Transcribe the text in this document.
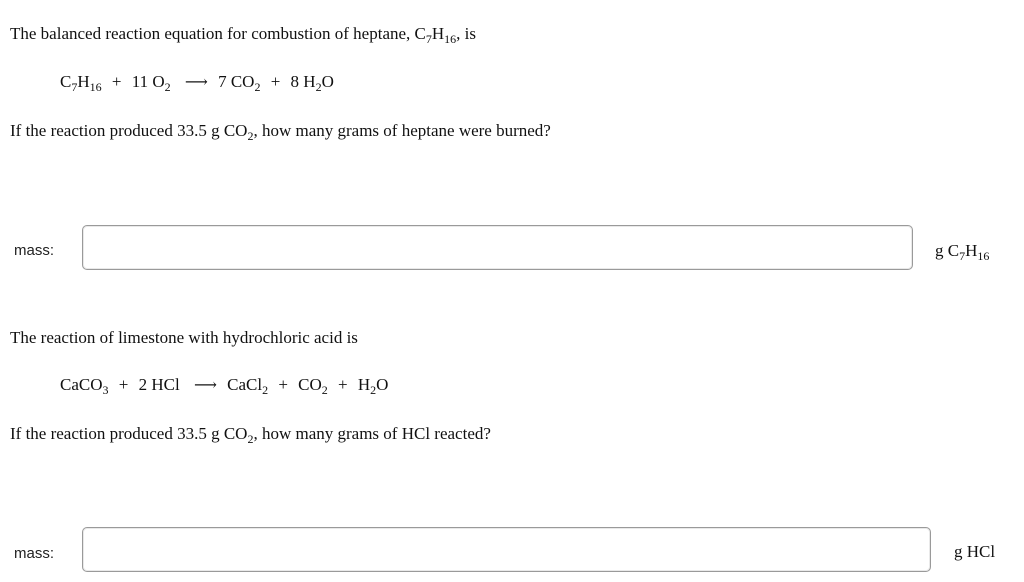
The balanced reaction equation for combustion of heptane, $C_7H_{16}$, is
$C_7H_{16} + 11$ $O_2$ ⟶ 7 $CO_2 + 8$ $H_2O$
If the reaction produced 33.5 g $CO_2$, how many grams of heptane were burned?
mass:	g $C_7H_{16}$
The reaction of limestone with hydrochloric acid is
CaCO$_3$ + 2 HCl ⟶ CaCl$_2$ + $CO_2 + H_2O$
If the reaction produced 33.5 g $CO_2$, how many grams of HCl reacted?
mass:	g HCl
